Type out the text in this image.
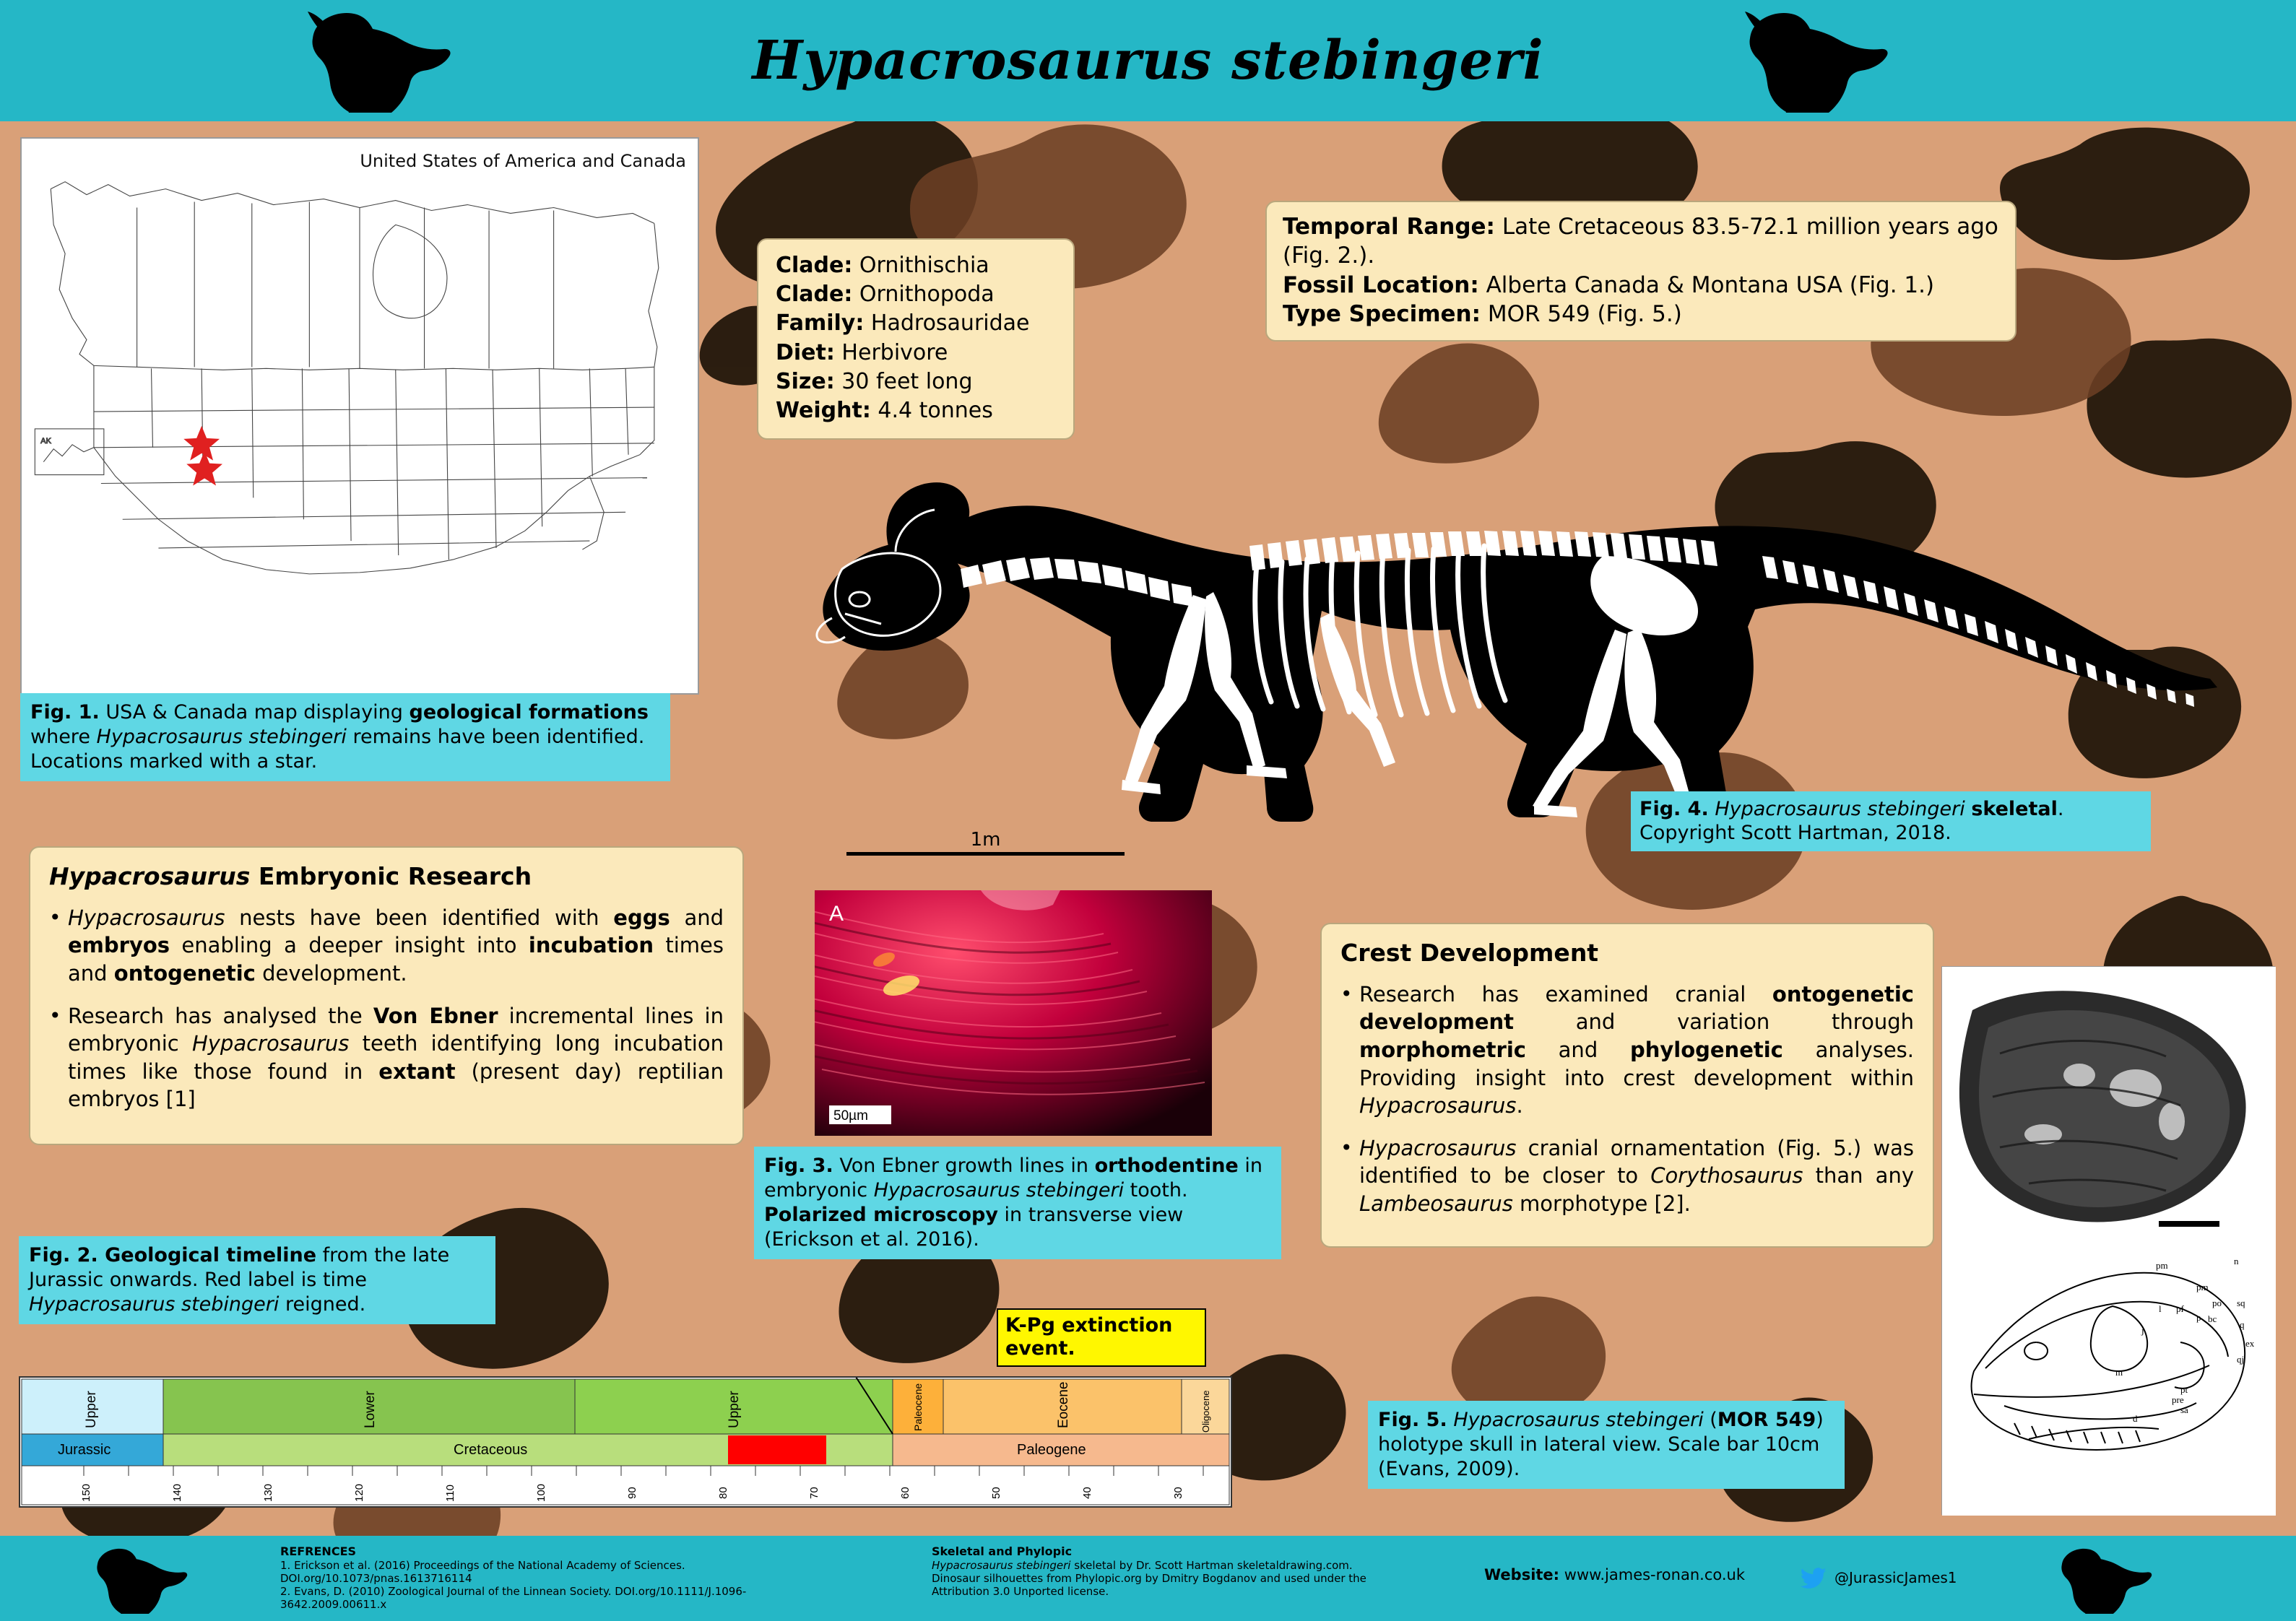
Hypacrosaurus stebingeri
AK
United States of America and Canada
Fig. 1. USA & Canada map displaying geological formations where Hypacrosaurus stebingeri remains have been identified. Locations marked with a star.
Clade: Ornithischia
Clade: Ornithopoda
Family: Hadrosauridae
Diet: Herbivore
Size: 30 feet long
Weight: 4.4 tonnes
Temporal Range: Late Cretaceous 83.5-72.1 million years ago (Fig. 2.).
Fossil Location: Alberta Canada & Montana USA (Fig. 1.)
Type Specimen: MOR 549 (Fig. 5.)
1m
Fig. 4. Hypacrosaurus stebingeri skeletal. Copyright Scott Hartman, 2018.
Hypacrosaurus Embryonic Research
• Hypacrosaurus nests have been identified with eggs and embryos enabling a deeper insight into incubation times and ontogenetic development.
• Research has analysed the Von Ebner incremental lines in embryonic Hypacrosaurus teeth identifying long incubation times like those found in extant (present day) reptilian embryos [1]
A
50µm
Fig. 3. Von Ebner growth lines in orthodentine in embryonic Hypacrosaurus stebingeri tooth. Polarized microscopy in transverse view (Erickson et al. 2016).
Crest Development
• Research has examined cranial ontogenetic development and variation through morphometric and phylogenetic analyses. Providing insight into crest development within Hypacrosaurus.
• Hypacrosaurus cranial ornamentation (Fig. 5.) was identified to be closer to Corythosaurus than any Lambeosaurus morphotype [2].
pm	n
pm
po sq
l pf
p bc
q
j
ex
qj
m
pt
pre
sa
d
Fig. 5. Hypacrosaurus stebingeri (MOR 549) holotype skull in lateral view. Scale bar 10cm (Evans, 2009).
Fig. 2. Geological timeline from the late Jurassic onwards. Red label is time Hypacrosaurus stebingeri reigned.
K-Pg extinction event.
Upper	Lower	Upper	Paleocene	Eocene	Oligocene
Jurassic	Cretaceous	Paleogene
150	140	130	120	110	100	90	80	70	60	50	40	30
REFRENCES
1. Erickson et al. (2016) Proceedings of the National Academy of Sciences. DOI.org/10.1073/pnas.1613716114
2. Evans, D. (2010) Zoological Journal of the Linnean Society. DOI.org/10.1111/J.1096-3642.2009.00611.x
Skeletal and Phylopic
Hypacrosaurus stebingeri skeletal by Dr. Scott Hartman skeletaldrawing.com.
Dinosaur silhouettes from Phylopic.org by Dmitry Bogdanov and used under the Attribution 3.0 Unported license.
Website: www.james-ronan.co.uk	@JurassicJames1
